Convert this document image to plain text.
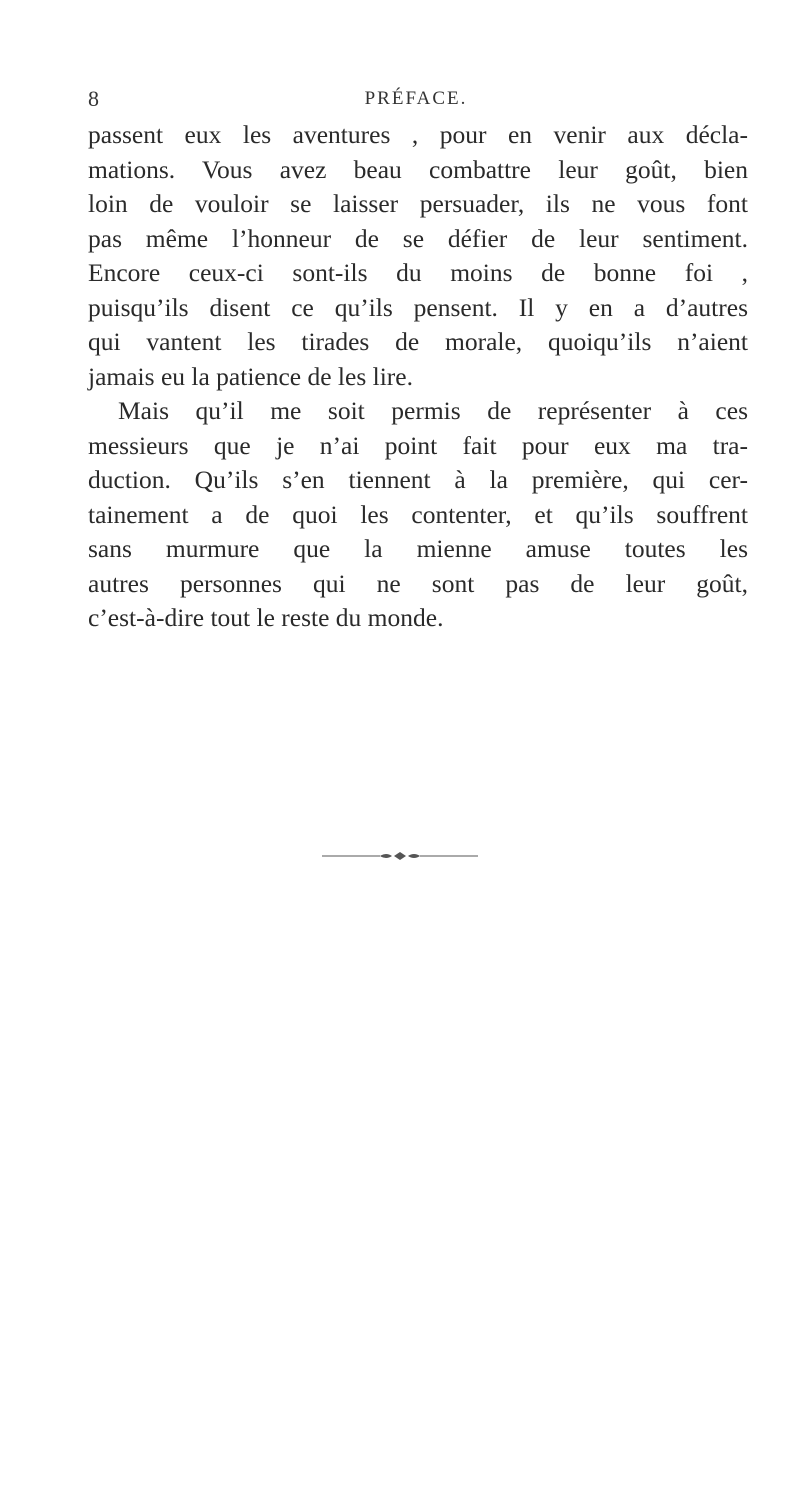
8	PRÉFACE.
passent eux les aventures , pour en venir aux décla-
mations. Vous avez beau combattre leur goût, bien
loin de vouloir se laisser persuader, ils ne vous font
pas même l’honneur de se défier de leur sentiment.
Encore ceux-ci sont-ils du moins de bonne foi ,
puisqu’ils disent ce qu’ils pensent. Il y en a d’autres
qui vantent les tirades de morale, quoiqu’ils n’aient
jamais eu la patience de les lire.
Mais qu’il me soit permis de représenter à ces
messieurs que je n’ai point fait pour eux ma tra-
duction. Qu’ils s’en tiennent à la première, qui cer-
tainement a de quoi les contenter, et qu’ils souffrent
sans murmure que la mienne amuse toutes les
autres personnes qui ne sont pas de leur goût,
c’est-à-dire tout le reste du monde.
